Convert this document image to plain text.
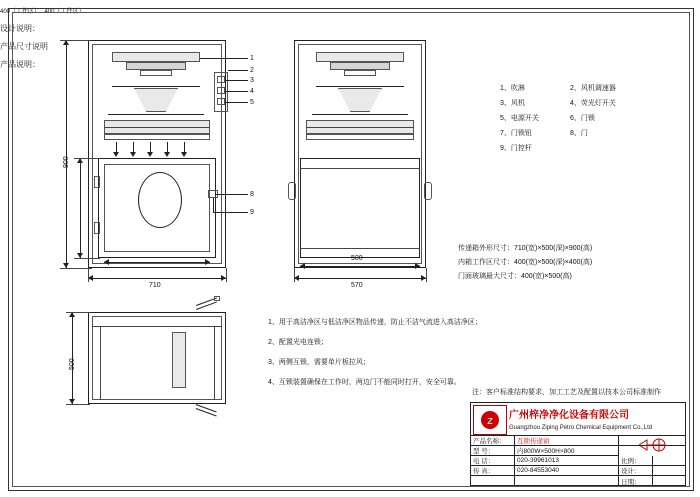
1
2
3
4
5
8
9
900
400（工件区） 400（工件区）
710
500
570
500
设计说明：
1、吹淋	2、风机调速器
3、风机	4、荧光灯开关
5、电源开关	6、门锁
7、门锁钮	8、门
9、门控杆
产品尺寸说明
传递箱外形尺寸：710(宽)×500(深)×900(高)
内箱工作区尺寸：400(宽)×500(深)×400(高)
门面玻璃最大尺寸：400(宽)×500(高)
产品说明：
1、用于高洁净区与低洁净区物品传递，防止不洁气流进入高洁净区；
2、配置光电连锁；
3、两侧互锁，需要单片板拉风；
4、互锁装置确保在工作时，两边门不能同时打开，安全可靠。
注：客户标准结构要求，加工工艺及配置以技本公司标准制作
z	广州梓净净化设备有限公司
Guangzhou Ziping Petro Chemical Equipment Co.,Ltd
产品名称：	互锁传递窗
型 号：	内800W×500H×800
电 话：	020-39961013	比例：
传 真：	020-84553040	设计：
日期：
